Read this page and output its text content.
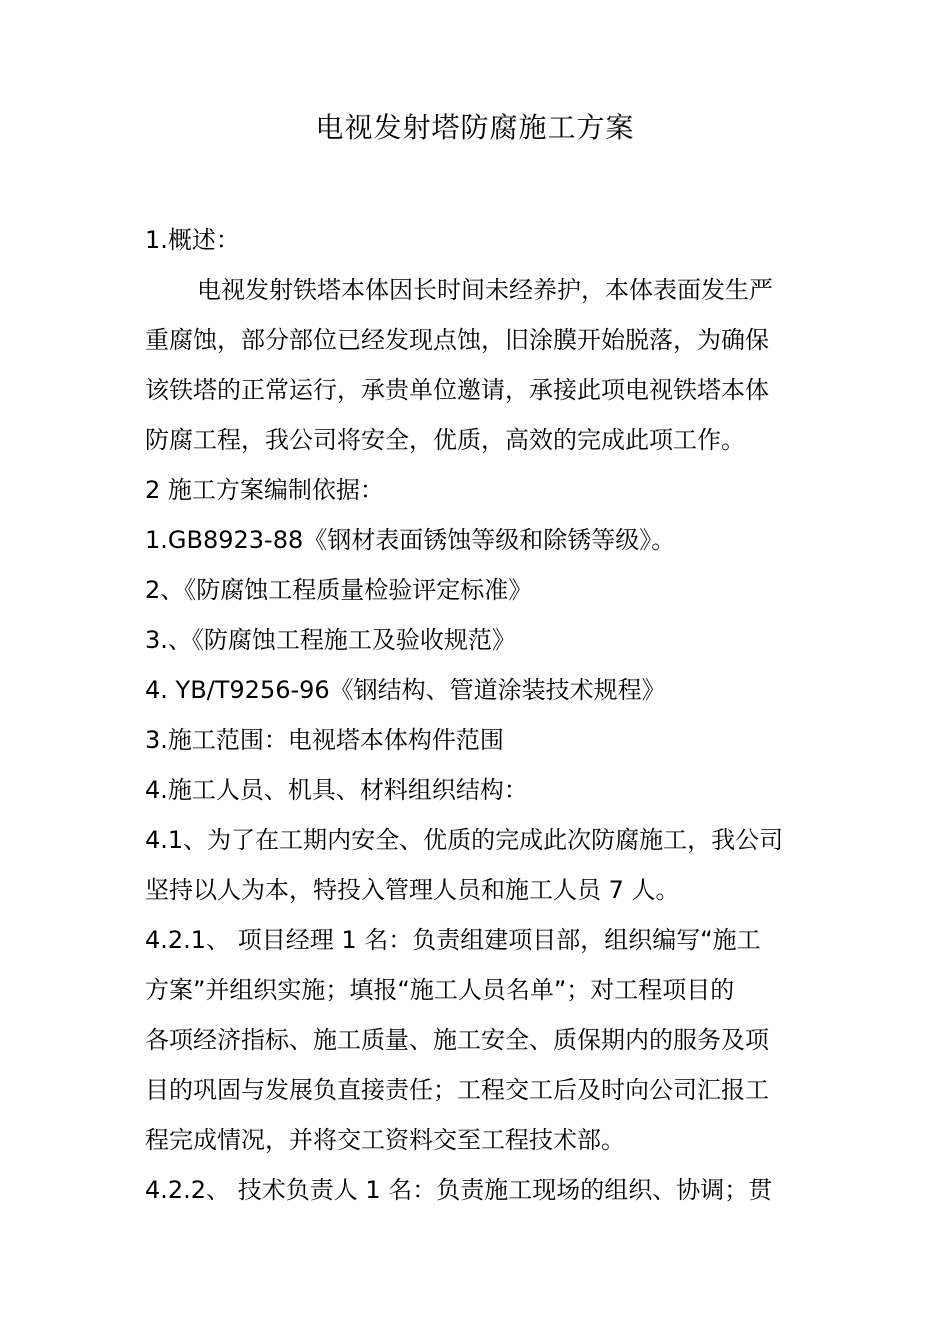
电视发射塔防腐施工方案
1.概述：
电视发射铁塔本体因长时间未经养护，本体表面发生严
重腐蚀，部分部位已经发现点蚀，旧涂膜开始脱落，为确保
该铁塔的正常运行，承贵单位邀请，承接此项电视铁塔本体
防腐工程，我公司将安全，优质，高效的完成此项工作。
2 施工方案编制依据：
1.GB8923-88《钢材表面锈蚀等级和除锈等级》。
2、《防腐蚀工程质量检验评定标准》
3.、《防腐蚀工程施工及验收规范》
4. YB/T9256-96《钢结构、管道涂装技术规程》
3.施工范围：电视塔本体构件范围
4.施工人员、机具、材料组织结构：
4.1、为了在工期内安全、优质的完成此次防腐施工，我公司
坚持以人为本，特投入管理人员和施工人员 7 人。
4.2.1、 项目经理 1 名：负责组建项目部，组织编写“施工
方案”并组织实施；填报“施工人员名单”；对工程项目的
各项经济指标、施工质量、施工安全、质保期内的服务及项
目的巩固与发展负直接责任；工程交工后及时向公司汇报工
程完成情况，并将交工资料交至工程技术部。
4.2.2、 技术负责人 1 名：负责施工现场的组织、协调；贯
